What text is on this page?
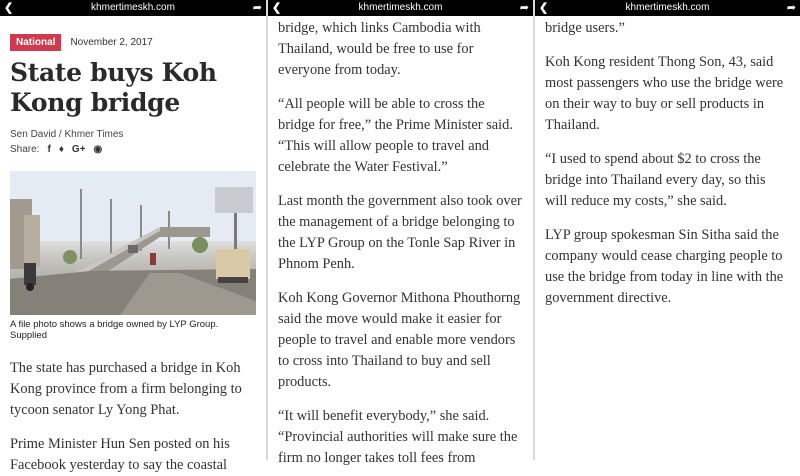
❮	khmertimeskh.com	➦
National	November 2, 2017
State buys Koh Kong bridge
Sen David / Khmer Times
Share: f ♦ G+ ◉
A file photo shows a bridge owned by LYP Group. Supplied

The state has purchased a bridge in Koh Kong province from a firm belonging to tycoon senator Ly Yong Phat.

Prime Minister Hun Sen posted on his Facebook yesterday to say the coastal

❮	khmertimeskh.com	➦

bridge, which links Cambodia with Thailand, would be free to use for everyone from today.

“All people will be able to cross the bridge for free,” the Prime Minister said. “This will allow people to travel and celebrate the Water Festival.”

Last month the government also took over the management of a bridge belonging to the LYP Group on the Tonle Sap River in Phnom Penh.

Koh Kong Governor Mithona Phouthorng said the move would make it easier for people to travel and enable more vendors to cross into Thailand to buy and sell products.

“It will benefit everybody,” she said. “Provincial authorities will make sure the firm no longer takes toll fees from

❮	khmertimeskh.com	➦

bridge users.”

Koh Kong resident Thong Son, 43, said most passengers who use the bridge were on their way to buy or sell products in Thailand.

“I used to spend about $2 to cross the bridge into Thailand every day, so this will reduce my costs,” she said.

LYP group spokesman Sin Sitha said the company would cease charging people to use the bridge from today in line with the government directive.
